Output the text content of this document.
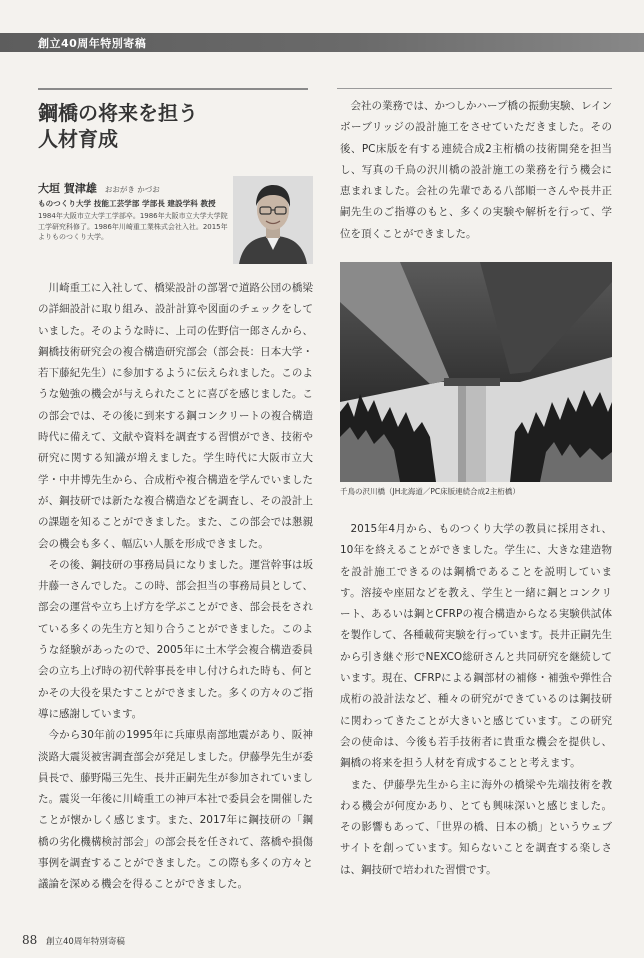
創立40周年特別寄稿
鋼橋の将来を担う
人材育成
大垣 賀津雄 おおがき かづお
ものつくり大学 技能工芸学部 学部長 建設学科 教授
1984年大阪市立大学工学部卒。1986年大阪市立大学大学院工学研究科修了。1986年川崎重工業株式会社入社。2015年よりものつくり大学。
川崎重工に入社して、橋梁設計の部署で道路公団の橋梁の詳細設計に取り組み、設計計算や図面のチェックをしていました。そのような時に、上司の佐野信一郎さんから、鋼橋技術研究会の複合構造研究部会（部会長：日本大学・若下藤紀先生）に参加するように伝えられました。このような勉強の機会が与えられたことに喜びを感じました。この部会では、その後に到来する鋼コンクリートの複合構造時代に備えて、文献や資料を調査する習慣ができ、技術や研究に関する知識が増えました。学生時代に大阪市立大学・中井博先生から、合成桁や複合構造を学んでいましたが、鋼技研では新たな複合構造などを調査し、その設計上の課題を知ることができました。また、この部会では懇親会の機会も多く、幅広い人脈を形成できました。
その後、鋼技研の事務局員になりました。運営幹事は坂井藤一さんでした。この時、部会担当の事務局員として、部会の運営や立ち上げ方を学ぶことができ、部会長をされている多くの先生方と知り合うことができました。このような経験があったので、2005年に土木学会複合構造委員会の立ち上げ時の初代幹事長を申し付けられた時も、何とかその大役を果たすことができました。多くの方々のご指導に感謝しています。
今から30年前の1995年に兵庫県南部地震があり、阪神淡路大震災被害調査部会が発足しました。伊藤學先生が委員長で、藤野陽三先生、長井正嗣先生が参加されていました。震災一年後に川崎重工の神戸本社で委員会を開催したことが懐かしく感じます。また、2017年に鋼技研の「鋼橋の劣化機構検討部会」の部会長を任されて、落橋や損傷事例を調査することができました。この際も多くの方々と議論を深める機会を得ることができました。
会社の業務では、かつしかハープ橋の振動実験、レインボーブリッジの設計施工をさせていただきました。その後、PC床版を有する連続合成2主桁橋の技術開発を担当し、写真の千鳥の沢川橋の設計施工の業務を行う機会に恵まれました。会社の先輩である八部順一さんや長井正嗣先生のご指導のもと、多くの実験や解析を行って、学位を頂くことができました。
千鳥の沢川橋（JH北海道／PC床版連続合成2主桁橋）
2015年4月から、ものつくり大学の教員に採用され、10年を終えることができました。学生に、大きな建造物を設計施工できるのは鋼橋であることを説明しています。溶接や座屈などを教え、学生と一緒に鋼とコンクリート、あるいは鋼とCFRPの複合構造からなる実験供試体を製作して、各種載荷実験を行っています。長井正嗣先生から引き継ぐ形でNEXCO総研さんと共同研究を継続しています。現在、CFRPによる鋼部材の補修・補強や弾性合成桁の設計法など、種々の研究ができているのは鋼技研に関わってきたことが大きいと感じています。この研究会の使命は、今後も若手技術者に貴重な機会を提供し、鋼橋の将来を担う人材を育成することと考えます。
また、伊藤學先生から主に海外の橋梁や先端技術を教わる機会が何度かあり、とても興味深いと感じました。その影響もあって、「世界の橋、日本の橋」というウェブサイトを創っています。知らないことを調査する楽しさは、鋼技研で培われた習慣です。
88 創立40周年特別寄稿
